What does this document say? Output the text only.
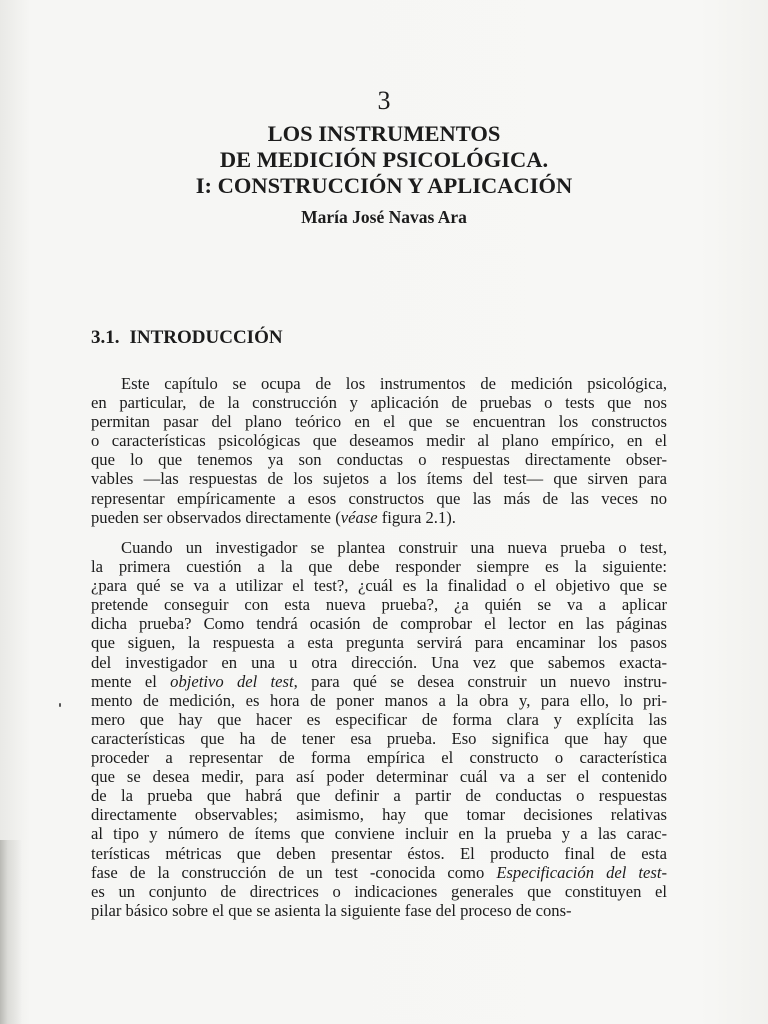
3
LOS INSTRUMENTOS
DE MEDICIÓN PSICOLÓGICA.
I: CONSTRUCCIÓN Y APLICACIÓN
María José Navas Ara
3.1. INTRODUCCIÓN
Este capítulo se ocupa de los instrumentos de medición psicológica,
en particular, de la construcción y aplicación de pruebas o tests que nos
permitan pasar del plano teórico en el que se encuentran los constructos
o características psicológicas que deseamos medir al plano empírico, en el
que lo que tenemos ya son conductas o respuestas directamente obser-
vables —las respuestas de los sujetos a los ítems del test— que sirven para
representar empíricamente a esos constructos que las más de las veces no
pueden ser observados directamente (véase figura 2.1).
Cuando un investigador se plantea construir una nueva prueba o test,
la primera cuestión a la que debe responder siempre es la siguiente:
¿para qué se va a utilizar el test?, ¿cuál es la finalidad o el objetivo que se
pretende conseguir con esta nueva prueba?, ¿a quién se va a aplicar
dicha prueba? Como tendrá ocasión de comprobar el lector en las páginas
que siguen, la respuesta a esta pregunta servirá para encaminar los pasos
del investigador en una u otra dirección. Una vez que sabemos exacta-
mente el objetivo del test, para qué se desea construir un nuevo instru-
mento de medición, es hora de poner manos a la obra y, para ello, lo pri-
mero que hay que hacer es especificar de forma clara y explícita las
características que ha de tener esa prueba. Eso significa que hay que
proceder a representar de forma empírica el constructo o característica
que se desea medir, para así poder determinar cuál va a ser el contenido
de la prueba que habrá que definir a partir de conductas o respuestas
directamente observables; asimismo, hay que tomar decisiones relativas
al tipo y número de ítems que conviene incluir en la prueba y a las carac-
terísticas métricas que deben presentar éstos. El producto final de esta
fase de la construcción de un test -conocida como Especificación del test-
es un conjunto de directrices o indicaciones generales que constituyen el
pilar básico sobre el que se asienta la siguiente fase del proceso de cons-
